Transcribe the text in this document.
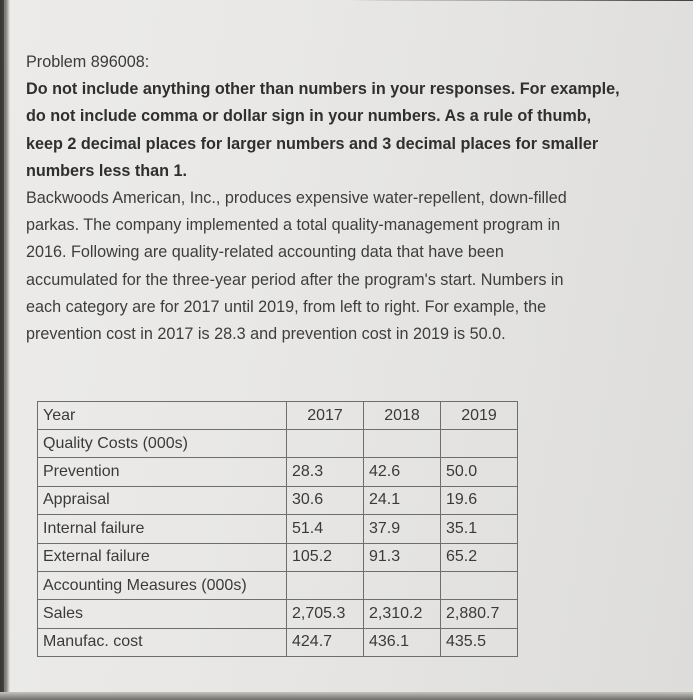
Problem 896008:

Do not include anything other than numbers in your responses. For example,

do not include comma or dollar sign in your numbers. As a rule of thumb,

keep 2 decimal places for larger numbers and 3 decimal places for smaller

numbers less than 1.

Backwoods American, Inc., produces expensive water-repellent, down-filled

parkas. The company implemented a total quality-management program in

2016. Following are quality-related accounting data that have been

accumulated for the three-year period after the program's start. Numbers in

each category are for 2017 until 2019, from left to right. For example, the

prevention cost in 2017 is 28.3 and prevention cost in 2019 is 50.0.

Year	2017	2018	2019
Quality Costs (000s)			
Prevention	28.3	42.6	50.0
Appraisal	30.6	24.1	19.6
Internal failure	51.4	37.9	35.1
External failure	105.2	91.3	65.2
Accounting Measures (000s)			
Sales	2,705.3	2,310.2	2,880.7
Manufac. cost	424.7	436.1	435.5
